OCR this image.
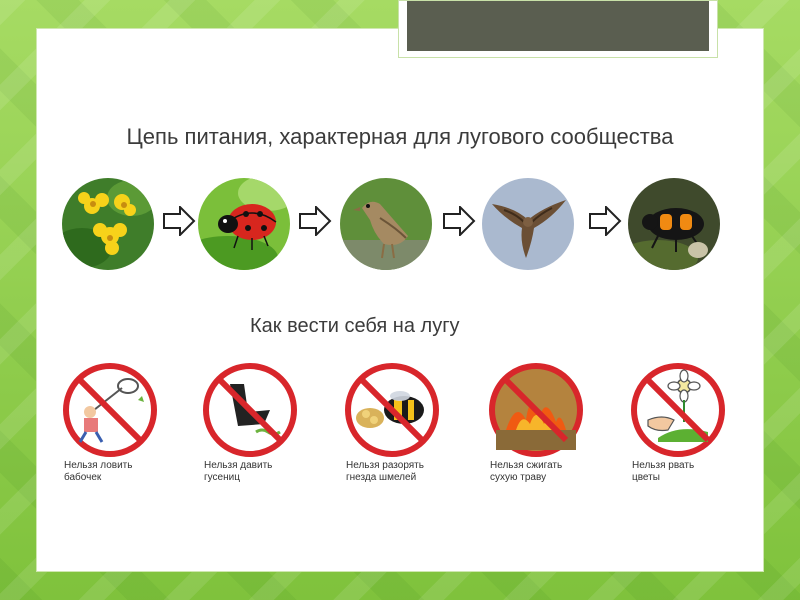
Цепь питания, характерная для лугового сообщества
Как вести себя на лугу
Нельзя ловить
бабочек
Нельзя давить
гусениц
Нельзя разорять
гнезда шмелей
Нельзя сжигать
сухую траву
Нельзя рвать
цветы
